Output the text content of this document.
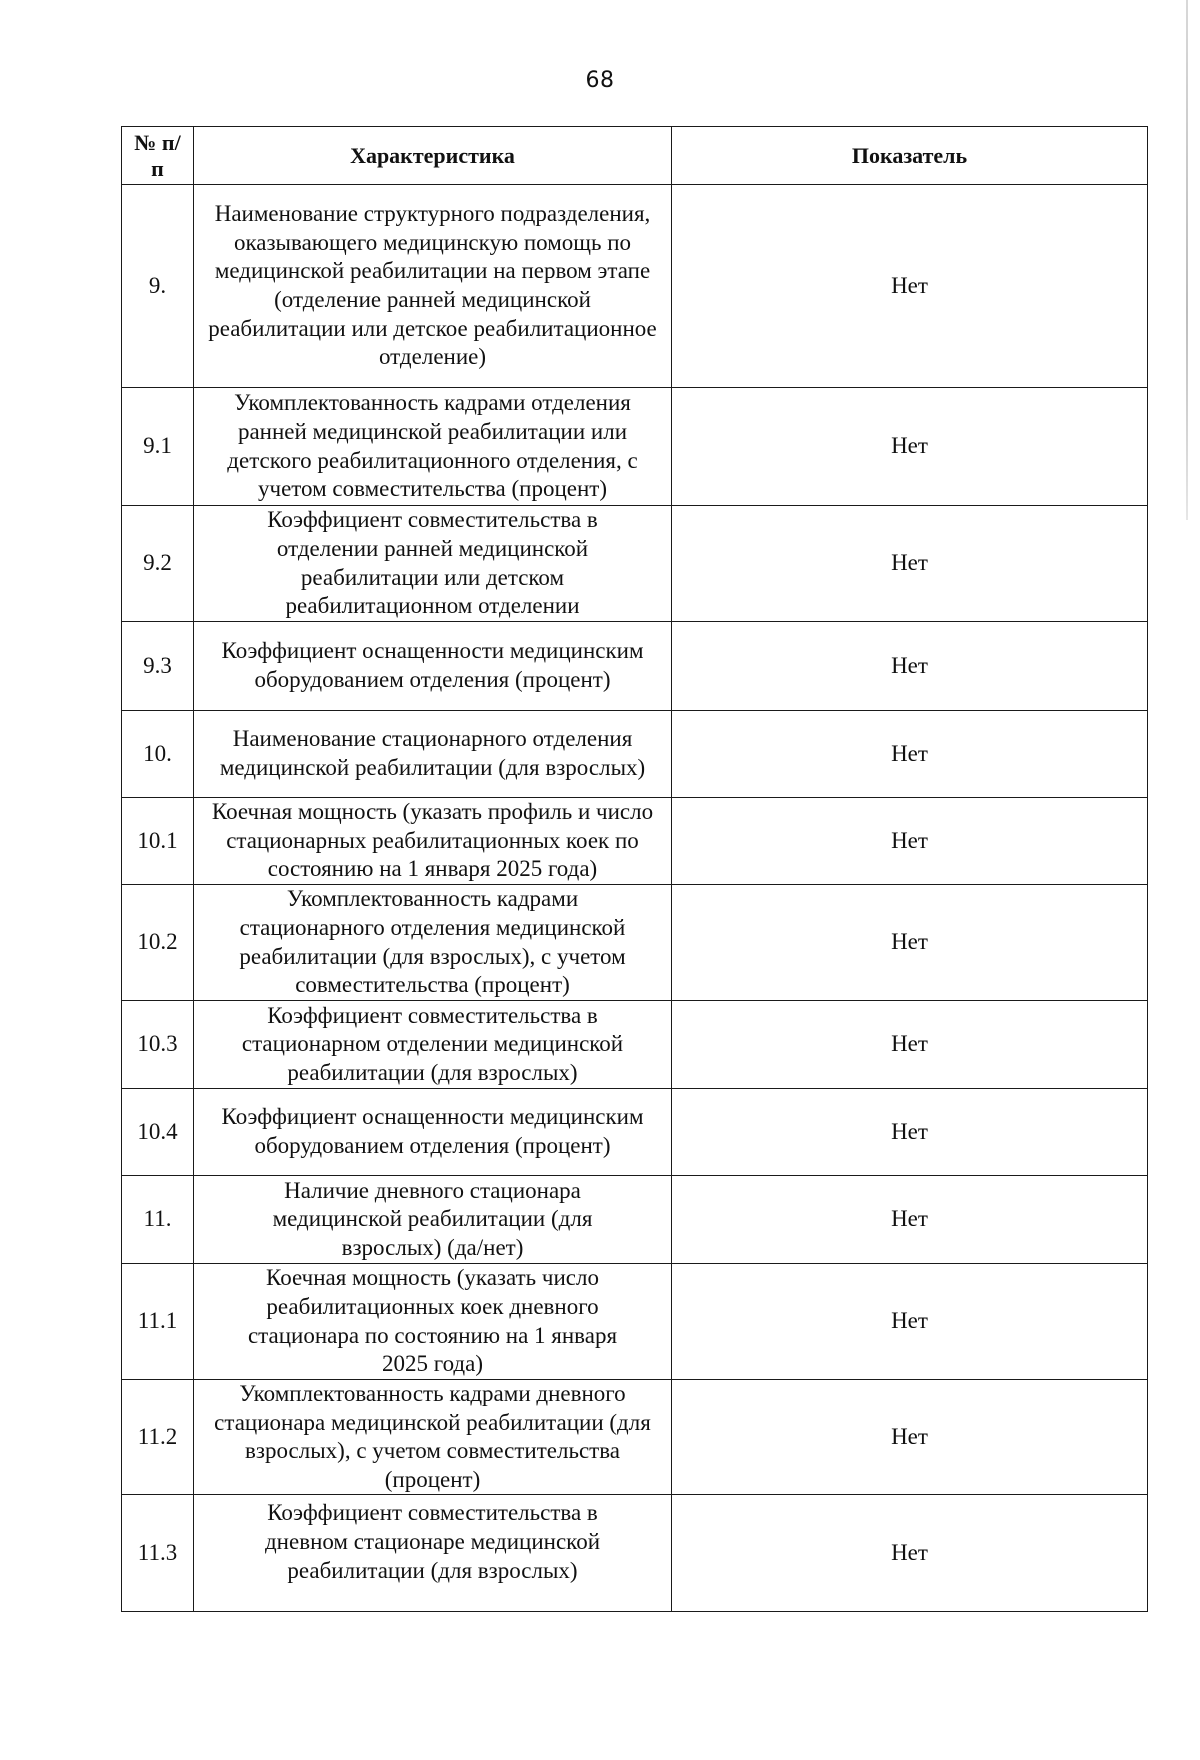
68
№ п/п	Характеристика	Показатель
9.	Наименование структурного подразделения, оказывающего медицинскую помощь по медицинской реабилитации на первом этапе (отделение ранней медицинской реабилитации или детское реабилитационное отделение)	Нет
9.1	Укомплектованность кадрами отделения ранней медицинской реабилитации или детского реабилитационного отделения, с учетом совместительства (процент)	Нет
9.2	Коэффициент совместительства в отделении ранней медицинской реабилитации или детском реабилитационном отделении	Нет
9.3	Коэффициент оснащенности медицинским оборудованием отделения (процент)	Нет
10.	Наименование стационарного отделения медицинской реабилитации (для взрослых)	Нет
10.1	Коечная мощность (указать профиль и число стационарных реабилитационных коек по состоянию на 1 января 2025 года)	Нет
10.2	Укомплектованность кадрами стационарного отделения медицинской реабилитации (для взрослых), с учетом совместительства (процент)	Нет
10.3	Коэффициент совместительства в стационарном отделении медицинской реабилитации (для взрослых)	Нет
10.4	Коэффициент оснащенности медицинским оборудованием отделения (процент)	Нет
11.	Наличие дневного стационара медицинской реабилитации (для взрослых) (да/нет)	Нет
11.1	Коечная мощность (указать число реабилитационных коек дневного стационара по состоянию на 1 января 2025 года)	Нет
11.2	Укомплектованность кадрами дневного стационара медицинской реабилитации (для взрослых), с учетом совместительства (процент)	Нет
11.3	Коэффициент совместительства в дневном стационаре медицинской реабилитации (для взрослых)	Нет
